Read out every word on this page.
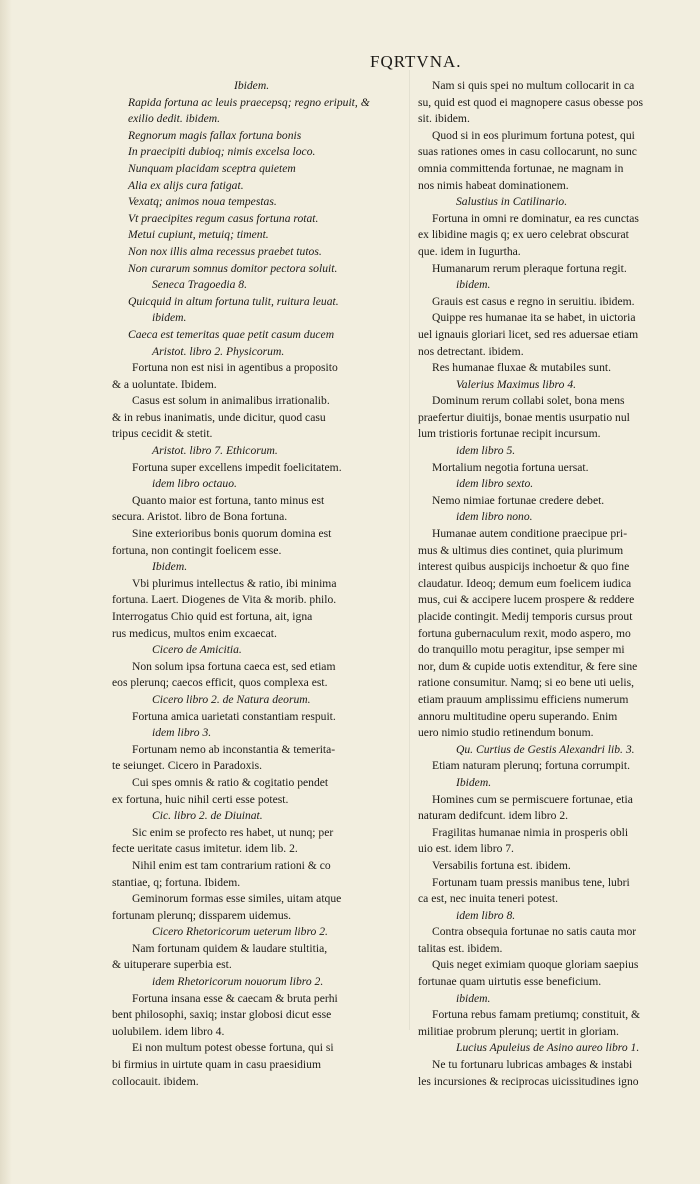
FQRTVNA.
Ibidem.
Rapida fortuna ac leuis praecepsq; regno eripuit, &
exilio dedit. ibidem.
Regnorum magis fallax fortuna bonis
In praecipiti dubioq; nimis excelsa loco.
Nunquam placidam sceptra quietem
Alia ex alijs cura fatigat.
Vexatq; animos noua tempestas.
Vt praecipites regum casus fortuna rotat.
Metui cupiunt, metuiq; timent.
Non nox illis alma recessus praebet tutos.
Non curarum somnus domitor pectora soluit.
Seneca Tragoedia 8.
Quicquid in altum fortuna tulit, ruitura leuat.
ibidem.
Caeca est temeritas quae petit casum ducem
Aristot. libro 2. Physicorum.
Fortuna non est nisi in agentibus a proposito
& a uoluntate. Ibidem.
Casus est solum in animalibus irrationalib.
& in rebus inanimatis, unde dicitur, quod casu
tripus cecidit & stetit.
Aristot. libro 7. Ethicorum.
Fortuna super excellens impedit foelicitatem.
idem libro octauo.
Quanto maior est fortuna, tanto minus est
secura. Aristot. libro de Bona fortuna.
Sine exterioribus bonis quorum domina est
fortuna, non contingit foelicem esse.
Ibidem.
Vbi plurimus intellectus & ratio, ibi minima
fortuna. Laert. Diogenes de Vita & morib. philo.
Interrogatus Chio quid est fortuna, ait, igna
rus medicus, multos enim excaecat.
Cicero de Amicitia.
Non solum ipsa fortuna caeca est, sed etiam
eos plerunq; caecos efficit, quos complexa est.
Cicero libro 2. de Natura deorum.
Fortuna amica uarietati constantiam respuit.
idem libro 3.
Fortunam nemo ab inconstantia & temerita-
te seiunget. Cicero in Paradoxis.
Cui spes omnis & ratio & cogitatio pendet
ex fortuna, huic nihil certi esse potest.
Cic. libro 2. de Diuinat.
Sic enim se profecto res habet, ut nunq; per
fecte ueritate casus imitetur. idem lib. 2.
Nihil enim est tam contrarium rationi & co
stantiae, q; fortuna. Ibidem.
Geminorum formas esse similes, uitam atque
fortunam plerunq; dissparem uidemus.
Cicero Rhetoricorum ueterum libro 2.
Nam fortunam quidem & laudare stultitia,
& uituperare superbia est.
idem Rhetoricorum nouorum libro 2.
Fortuna insana esse & caecam & bruta perhi
bent philosophi, saxiq; instar globosi dicut esse
uolubilem. idem libro 4.
Ei non multum potest obesse fortuna, qui si
bi firmius in uirtute quam in casu praesidium
collocauit. ibidem.
Nam si quis spei no multum collocarit in ca
su, quid est quod ei magnopere casus obesse pos
sit. ibidem.
Quod si in eos plurimum fortuna potest, qui
suas rationes omes in casu collocarunt, no sunc
omnia committenda fortunae, ne magnam in
nos nimis habeat dominationem.
Salustius in Catilinario.
Fortuna in omni re dominatur, ea res cunctas
ex libidine magis q; ex uero celebrat obscurat
que. idem in Iugurtha.
Humanarum rerum pleraque fortuna regit.
ibidem.
Grauis est casus e regno in seruitiu. ibidem.
Quippe res humanae ita se habet, in uictoria
uel ignauis gloriari licet, sed res aduersae etiam
nos detrectant. ibidem.
Res humanae fluxae & mutabiles sunt.
Valerius Maximus libro 4.
Dominum rerum collabi solet, bona mens
praefertur diuitijs, bonae mentis usurpatio nul
lum tristioris fortunae recipit incursum.
idem libro 5.
Mortalium negotia fortuna uersat.
idem libro sexto.
Nemo nimiae fortunae credere debet.
idem libro nono.
Humanae autem conditione praecipue pri-
mus & ultimus dies continet, quia plurimum
interest quibus auspicijs inchoetur & quo fine
claudatur. Ideoq; demum eum foelicem iudica
mus, cui & accipere lucem prospere & reddere
placide contingit. Medij temporis cursus prout
fortuna gubernaculum rexit, modo aspero, mo
do tranquillo motu peragitur, ipse semper mi
nor, dum & cupide uotis extenditur, & fere sine
ratione consumitur. Namq; si eo bene uti uelis,
etiam prauum amplissimu efficiens numerum
annoru multitudine operu superando. Enim
uero nimio studio retinendum bonum.
Qu. Curtius de Gestis Alexandri lib. 3.
Etiam naturam plerunq; fortuna corrumpit.
Ibidem.
Homines cum se permiscuere fortunae, etia
naturam dedifcunt. idem libro 2.
Fragilitas humanae nimia in prosperis obli
uio est. idem libro 7.
Versabilis fortuna est. ibidem.
Fortunam tuam pressis manibus tene, lubri
ca est, nec inuita teneri potest.
idem libro 8.
Contra obsequia fortunae no satis cauta mor
talitas est. ibidem.
Quis neget eximiam quoque gloriam saepius
fortunae quam uirtutis esse beneficium.
ibidem.
Fortuna rebus famam pretiumq; constituit, &
militiae probrum plerunq; uertit in gloriam.
Lucius Apuleius de Asino aureo libro 1.
Ne tu fortunaru lubricas ambages & instabi
les incursiones & reciprocas uicissitudines igno
